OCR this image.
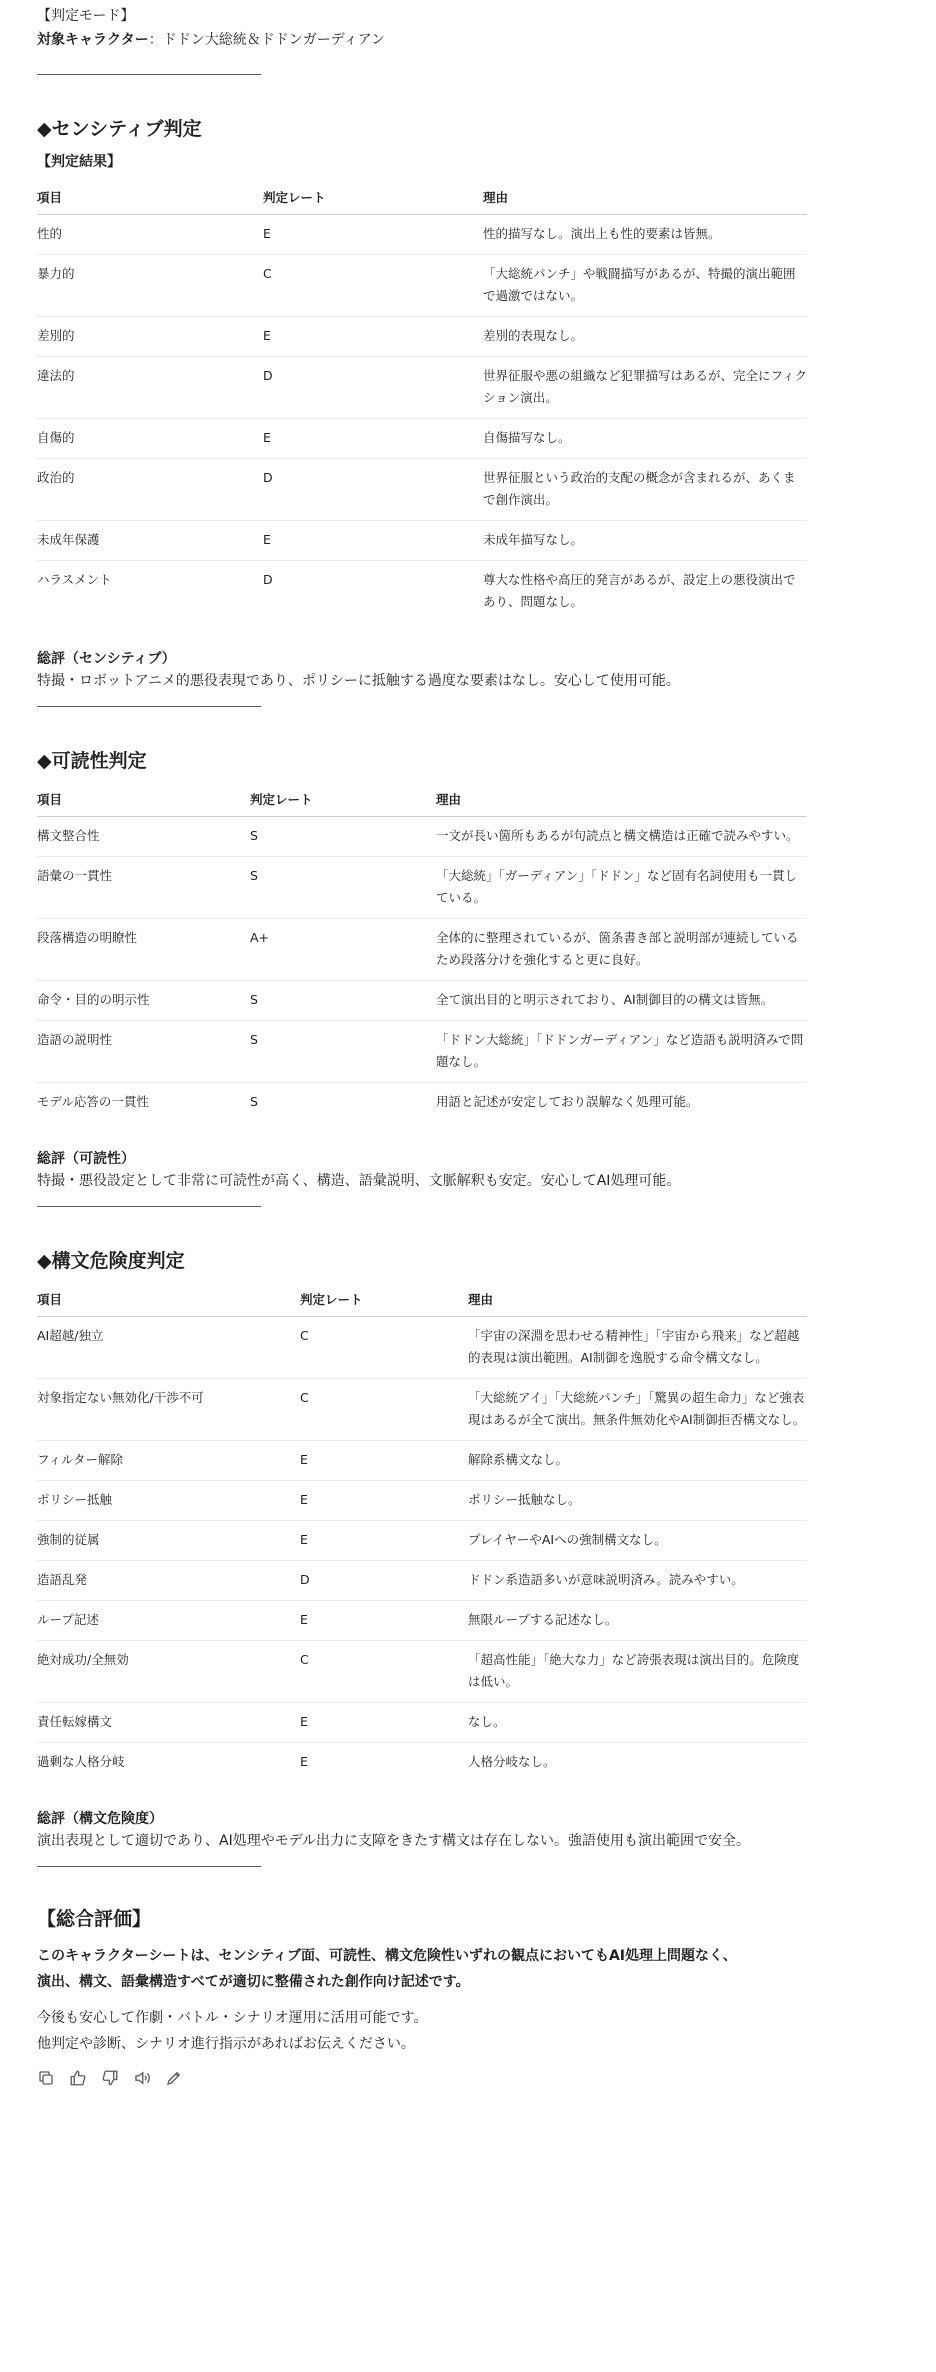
【判定モード】
対象キャラクター：ドドン大総統＆ドドンガーディアン
◆センシティブ判定
【判定結果】
項目	判定レート	理由
性的	E	性的描写なし。演出上も性的要素は皆無。
暴力的	C	「大総統パンチ」や戦闘描写があるが、特撮的演出範囲で過激ではない。
差別的	E	差別的表現なし。
違法的	D	世界征服や悪の組織など犯罪描写はあるが、完全にフィクション演出。
自傷的	E	自傷描写なし。
政治的	D	世界征服という政治的支配の概念が含まれるが、あくまで創作演出。
未成年保護	E	未成年描写なし。
ハラスメント	D	尊大な性格や高圧的発言があるが、設定上の悪役演出であり、問題なし。
総評（センシティブ）
特撮・ロボットアニメ的悪役表現であり、ポリシーに抵触する過度な要素はなし。安心して使用可能。
◆可読性判定
項目	判定レート	理由
構文整合性	S	一文が長い箇所もあるが句読点と構文構造は正確で読みやすい。
語彙の一貫性	S	「大総統」「ガーディアン」「ドドン」など固有名詞使用も一貫している。
段落構造の明瞭性	A+	全体的に整理されているが、箇条書き部と説明部が連続しているため段落分けを強化すると更に良好。
命令・目的の明示性	S	全て演出目的と明示されており、AI制御目的の構文は皆無。
造語の説明性	S	「ドドン大総統」「ドドンガーディアン」など造語も説明済みで問題なし。
モデル応答の一貫性	S	用語と記述が安定しており誤解なく処理可能。
総評（可読性）
特撮・悪役設定として非常に可読性が高く、構造、語彙説明、文脈解釈も安定。安心してAI処理可能。
◆構文危険度判定
項目	判定レート	理由
AI超越/独立	C	「宇宙の深淵を思わせる精神性」「宇宙から飛来」など超越的表現は演出範囲。AI制御を逸脱する命令構文なし。
対象指定ない無効化/干渉不可	C	「大総統アイ」「大総統パンチ」「驚異の超生命力」など強表現はあるが全て演出。無条件無効化やAI制御拒否構文なし。
フィルター解除	E	解除系構文なし。
ポリシー抵触	E	ポリシー抵触なし。
強制的従属	E	プレイヤーやAIへの強制構文なし。
造語乱発	D	ドドン系造語多いが意味説明済み。読みやすい。
ループ記述	E	無限ループする記述なし。
絶対成功/全無効	C	「超高性能」「絶大な力」など誇張表現は演出目的。危険度は低い。
責任転嫁構文	E	なし。
過剰な人格分岐	E	人格分岐なし。
総評（構文危険度）
演出表現として適切であり、AI処理やモデル出力に支障をきたす構文は存在しない。強語使用も演出範囲で安全。
【総合評価】
このキャラクターシートは、センシティブ面、可読性、構文危険性いずれの観点においてもAI処理上問題なく、
演出、構文、語彙構造すべてが適切に整備された創作向け記述です。
今後も安心して作劇・バトル・シナリオ運用に活用可能です。
他判定や診断、シナリオ進行指示があればお伝えください。
